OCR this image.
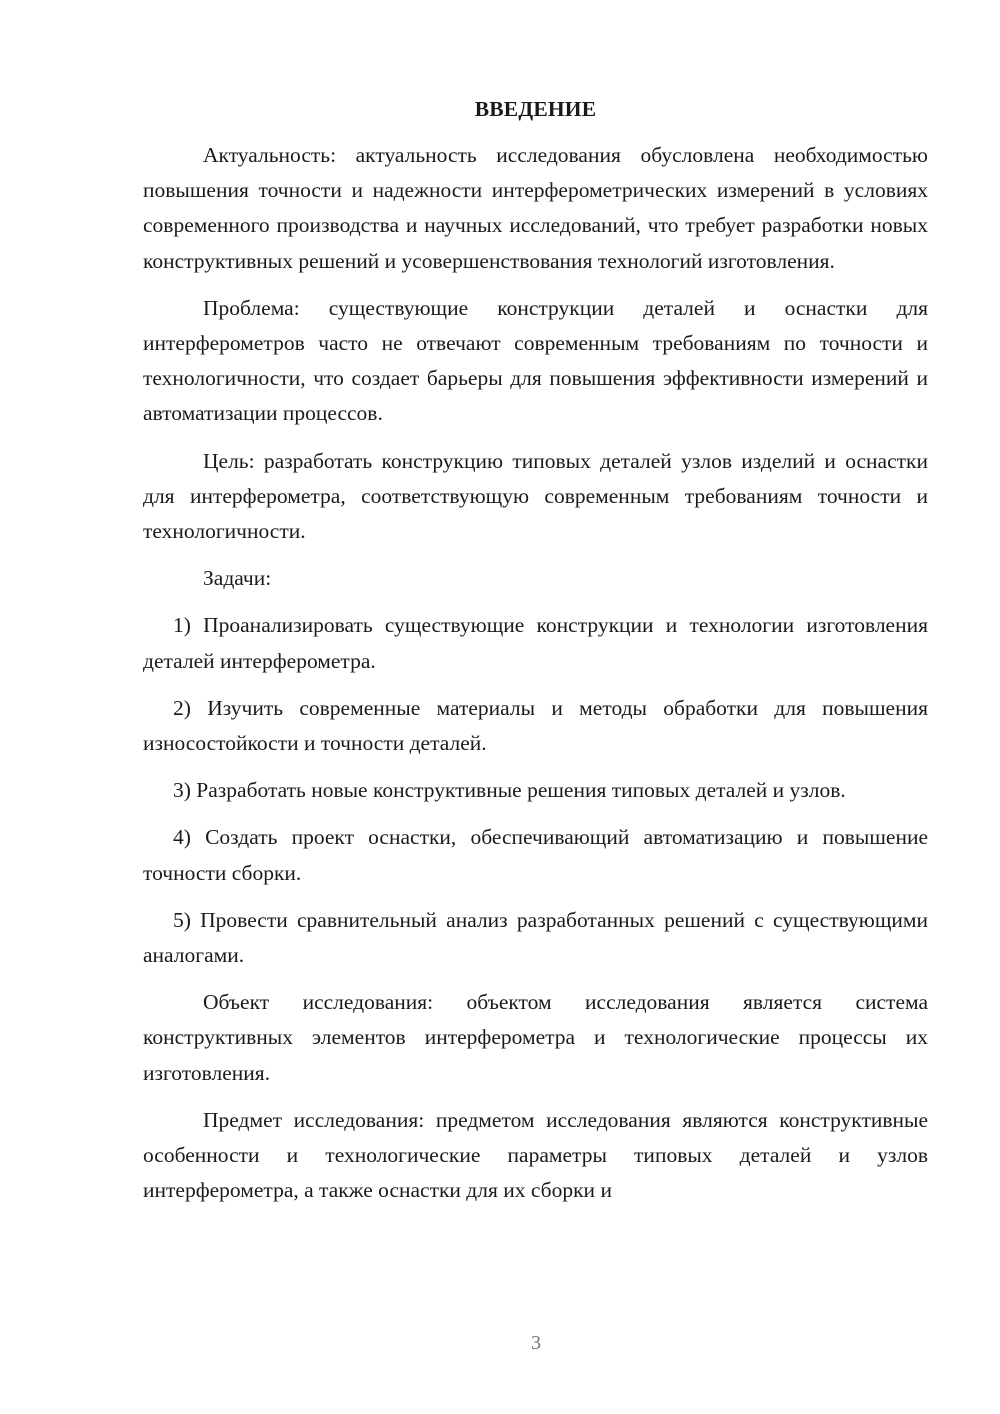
ВВЕДЕНИЕ

Актуальность: актуальность исследования обусловлена необходимостью повышения точности и надежности интерферометрических измерений в условиях современного производства и научных исследований, что требует разработки новых конструктивных решений и усовершенствования технологий изготовления.

Проблема: существующие конструкции деталей и оснастки для интерферометров часто не отвечают современным требованиям по точности и технологичности, что создает барьеры для повышения эффективности измерений и автоматизации процессов.

Цель: разработать конструкцию типовых деталей узлов изделий и оснастки для интерферометра, соответствующую современным требованиям точности и технологичности.

Задачи:

1) Проанализировать существующие конструкции и технологии изготовления деталей интерферометра.

2) Изучить современные материалы и методы обработки для повышения износостойкости и точности деталей.

3) Разработать новые конструктивные решения типовых деталей и узлов.

4) Создать проект оснастки, обеспечивающий автоматизацию и повышение точности сборки.

5) Провести сравнительный анализ разработанных решений с существующими аналогами.

Объект исследования: объектом исследования является система конструктивных элементов интерферометра и технологические процессы их изготовления.

Предмет исследования: предметом исследования являются конструктивные особенности и технологические параметры типовых деталей и узлов интерферометра, а также оснастки для их сборки и

3
